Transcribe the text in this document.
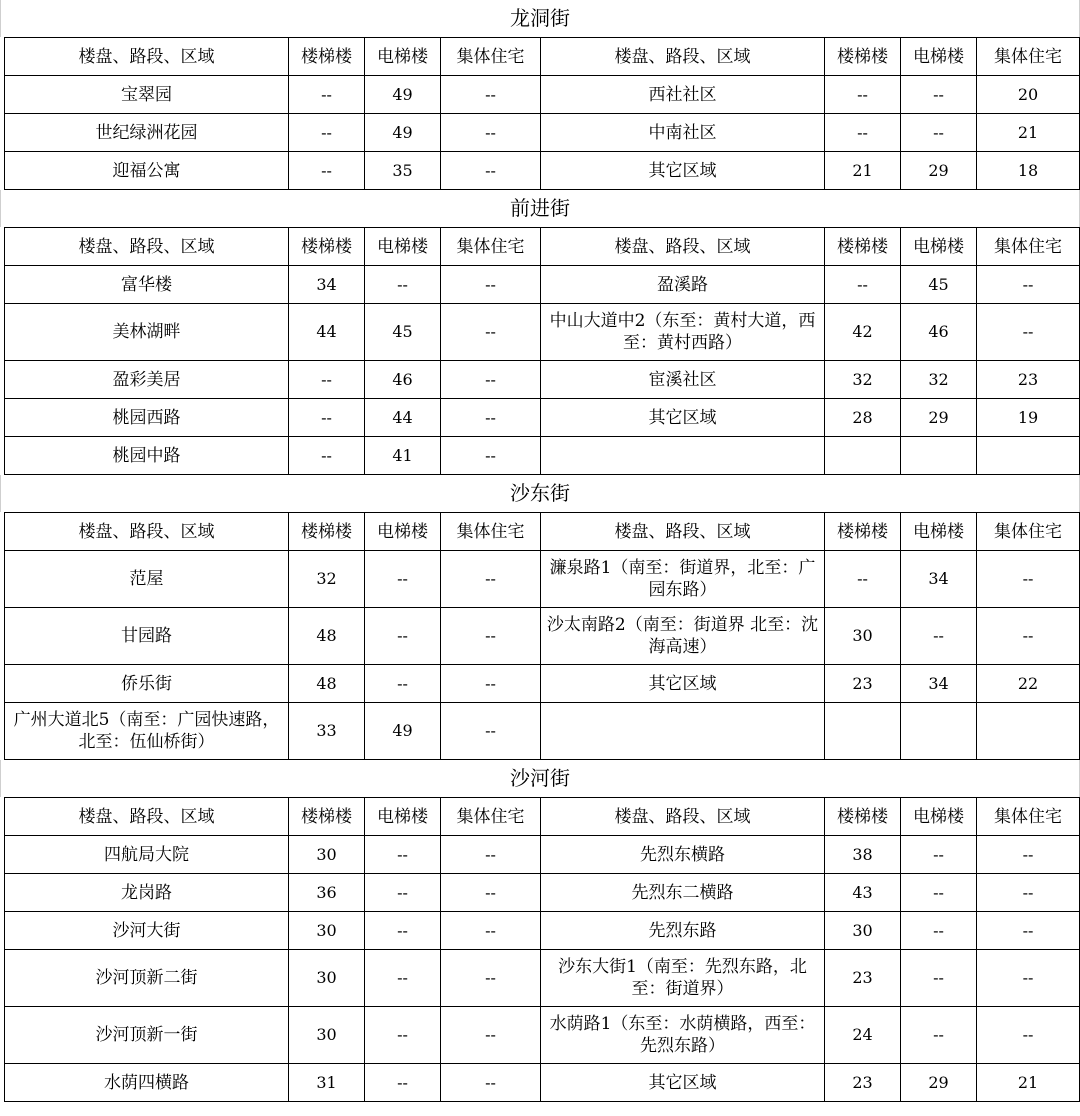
龙洞街
楼盘、路段、区域	楼梯楼	电梯楼	集体住宅	楼盘、路段、区域	楼梯楼	电梯楼	集体住宅
宝翠园	--	49	--	西社社区	--	--	20
世纪绿洲花园	--	49	--	中南社区	--	--	21
迎福公寓	--	35	--	其它区域	21	29	18
前进街
楼盘、路段、区域	楼梯楼	电梯楼	集体住宅	楼盘、路段、区域	楼梯楼	电梯楼	集体住宅
富华楼	34	--	--	盈溪路	--	45	--
美林湖畔	44	45	--	中山大道中2（东至：黄村大道，西至：黄村西路）	42	46	--
盈彩美居	--	46	--	宦溪社区	32	32	23
桃园西路	--	44	--	其它区域	28	29	19
桃园中路	--	41	--				
沙东街
楼盘、路段、区域	楼梯楼	电梯楼	集体住宅	楼盘、路段、区域	楼梯楼	电梯楼	集体住宅
范屋	32	--	--	濂泉路1（南至：街道界，北至：广园东路）	--	34	--
甘园路	48	--	--	沙太南路2（南至：街道界 北至：沈海高速）	30	--	--
侨乐街	48	--	--	其它区域	23	34	22
广州大道北5（南至：广园快速路，北至：伍仙桥街）	33	49	--				
沙河街
楼盘、路段、区域	楼梯楼	电梯楼	集体住宅	楼盘、路段、区域	楼梯楼	电梯楼	集体住宅
四航局大院	30	--	--	先烈东横路	38	--	--
龙岗路	36	--	--	先烈东二横路	43	--	--
沙河大街	30	--	--	先烈东路	30	--	--
沙河顶新二街	30	--	--	沙东大街1（南至：先烈东路，北至：街道界）	23	--	--
沙河顶新一街	30	--	--	水荫路1（东至：水荫横路，西至：先烈东路）	24	--	--
水荫四横路	31	--	--	其它区域	23	29	21
